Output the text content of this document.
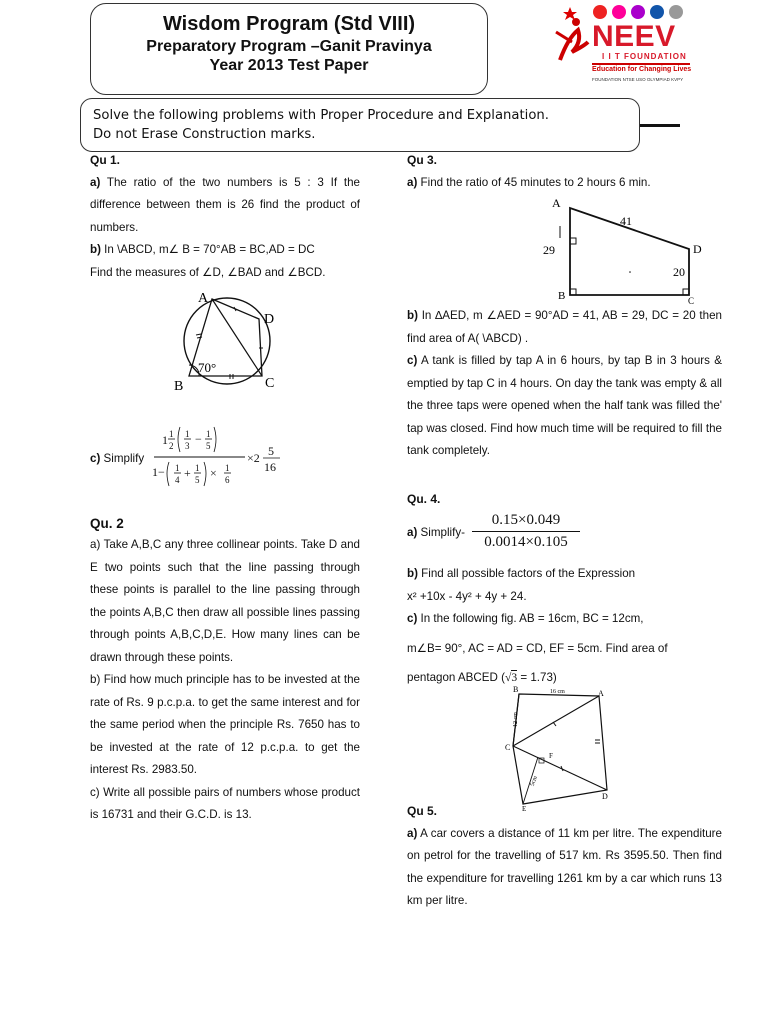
Wisdom Program (Std VIII)
Preparatory Program –Ganit Pravinya
Year 2013 Test Paper
NEEV
I I T FOUNDATION
Education for Changing Lives
FOUNDATION NTSE USO OLYMPIAD KVPY
Solve the following problems with Proper Procedure and Explanation.
Do not Erase Construction marks.
Qu 1.

a) The ratio of the two numbers is 5 : 3 If the difference between them is 26 find the product of numbers.

b) In \ABCD, m∠ B = 70°AB = BC,AD = DC

Find the measures of ∠D, ∠BAD and ∠BCD.

A
D
B	C
70°
c) Simplify
1 1
2
1
3 − 1
5
1− 1
4 + 1
5 × 1
6
×2 5
16
Qu. 2

a) Take A,B,C any three collinear points. Take D and E two points such that the line passing through these points is parallel to the line passing through the points A,B,C then draw all possible lines passing through points A,B,C,D,E. How many lines can be drawn through these points.

b) Find how much principle has to be invested at the rate of Rs. 9 p.c.p.a. to get the same interest and for the same period when the principle Rs. 7650 has to be invested at the rate of 12 p.c.p.a. to get the interest Rs. 2983.50.

c) Write all possible pairs of numbers whose product is 16731 and their G.C.D. is 13.

Qu 3.

a) Find the ratio of 45 minutes to 2 hours 6 min.

A
D
B	C
41
29
20

b) In ∆AED, m ∠AED = 90°AD = 41, AB = 29, DC = 20 then find area of A( \ABCD) .

c) A tank is filled by tap A in 6 hours, by tap B in 3 hours & emptied by tap C in 4 hours. On day the tank was empty & all the three taps were opened when the half tank was filled the' tap was closed. Find how much time will be required to fill the tank completely.

Qu. 4.
a) Simplify-
0.15×0.049
0.0014×0.105

b) Find all possible factors of the Expression

x² +10x - 4y² + 4y + 24.

c) In the following fig. AB = 16cm, BC = 12cm,

m∠B= 90°, AC = AD = CD, EF = 5cm. Find area of

pentagon ABCED (√3 = 1.73)

B	A
C
D
E
F
16 cm
12 cm
5cm
Qu 5.

a) A car covers a distance of 11 km per litre. The expenditure on petrol for the travelling of 517 km. Rs 3595.50. Then find the expenditure for travelling 1261 km by a car which runs 13 km per litre.
